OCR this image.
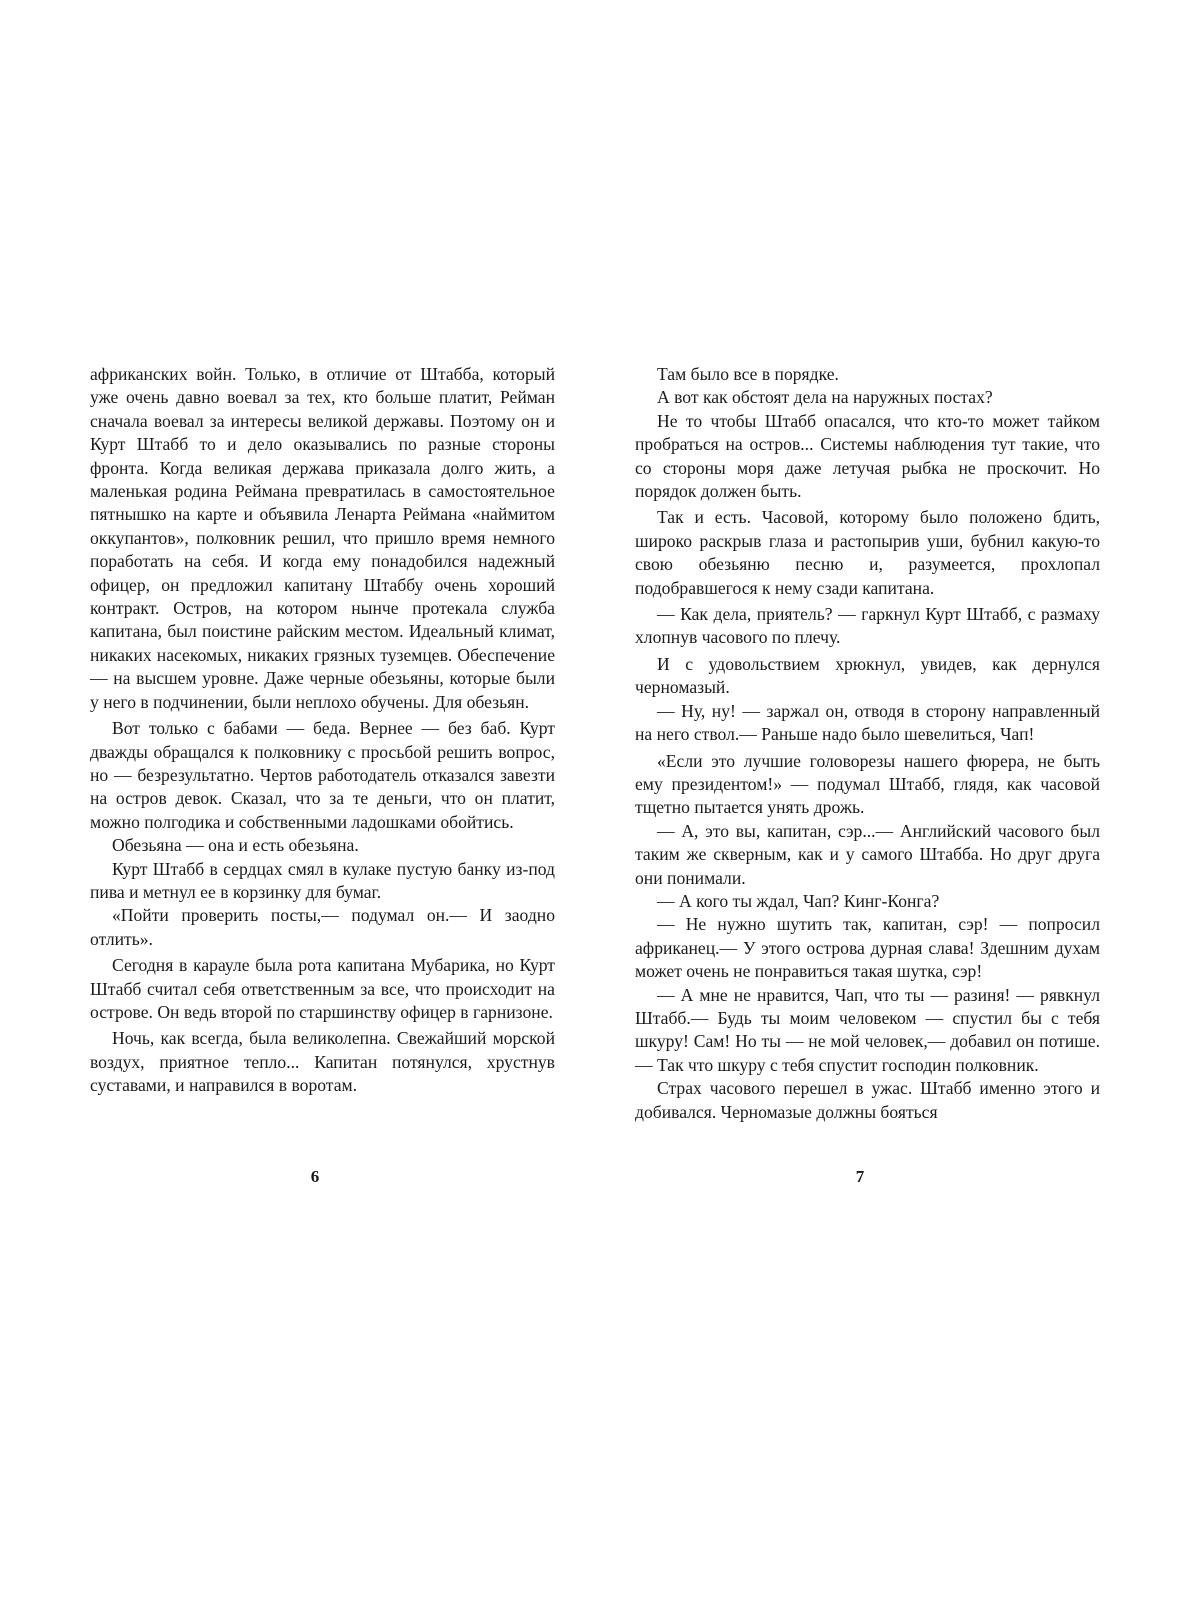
африканских войн. Только, в отличие от Штабба, который уже очень давно воевал за тех, кто больше платит, Рейман сначала воевал за интересы великой державы. Поэтому он и Курт Штабб то и дело оказывались по разные стороны фронта. Когда великая держава приказала долго жить, а маленькая родина Реймана превратилась в самостоятельное пятнышко на карте и объявила Ленарта Реймана «наймитом оккупантов», полковник решил, что пришло время немного поработать на себя. И когда ему понадобился надежный офицер, он предложил капитану Штаббу очень хороший контракт. Остров, на котором нынче протекала служба капитана, был поистине райским местом. Идеальный климат, никаких насекомых, никаких грязных туземцев. Обеспечение — на высшем уровне. Даже черные обезьяны, которые были у него в подчинении, были неплохо обучены. Для обезьян.

Вот только с бабами — беда. Вернее — без баб. Курт дважды обращался к полковнику с просьбой решить вопрос, но — безрезультатно. Чертов работодатель отказался завезти на остров девок. Сказал, что за те деньги, что он платит, можно полгодика и собственными ладошками обойтись.

Обезьяна — она и есть обезьяна.

Курт Штабб в сердцах смял в кулаке пустую банку из-под пива и метнул ее в корзинку для бумаг.

«Пойти проверить посты,— подумал он.— И заодно отлить».

Сегодня в карауле была рота капитана Мубарика, но Курт Штабб считал себя ответственным за все, что происходит на острове. Он ведь второй по старшинству офицер в гарнизоне.

Ночь, как всегда, была великолепна. Свежайший морской воздух, приятное тепло... Капитан потянулся, хрустнув суставами, и направился в воротам.

Там было все в порядке.

А вот как обстоят дела на наружных постах?

Не то чтобы Штабб опасался, что кто-то может тайком пробраться на остров... Системы наблюдения тут такие, что со стороны моря даже летучая рыбка не проскочит. Но порядок должен быть.

Так и есть. Часовой, которому было положено бдить, широко раскрыв глаза и растопырив уши, бубнил какую-то свою обезьяню песню и, разумеется, прохлопал подобравшегося к нему сзади капитана.

— Как дела, приятель? — гаркнул Курт Штабб, с размаху хлопнув часового по плечу.

И с удовольствием хрюкнул, увидев, как дернулся черномазый.

— Ну, ну! — заржал он, отводя в сторону направленный на него ствол.— Раньше надо было шевелиться, Чап!

«Если это лучшие головорезы нашего фюрера, не быть ему президентом!» — подумал Штабб, глядя, как часовой тщетно пытается унять дрожь.

— А, это вы, капитан, сэр...— Английский часового был таким же скверным, как и у самого Штабба. Но друг друга они понимали.

— А кого ты ждал, Чап? Кинг-Конга?

— Не нужно шутить так, капитан, сэр! — попросил африканец.— У этого острова дурная слава! Здешним духам может очень не понравиться такая шутка, сэр!

— А мне не нравится, Чап, что ты — разиня! — рявкнул Штабб.— Будь ты моим человеком — спустил бы с тебя шкуру! Сам! Но ты — не мой человек,— добавил он потише.— Так что шкуру с тебя спустит господин полковник.

Страх часового перешел в ужас. Штабб именно этого и добивался. Черномазые должны бояться

6	7
